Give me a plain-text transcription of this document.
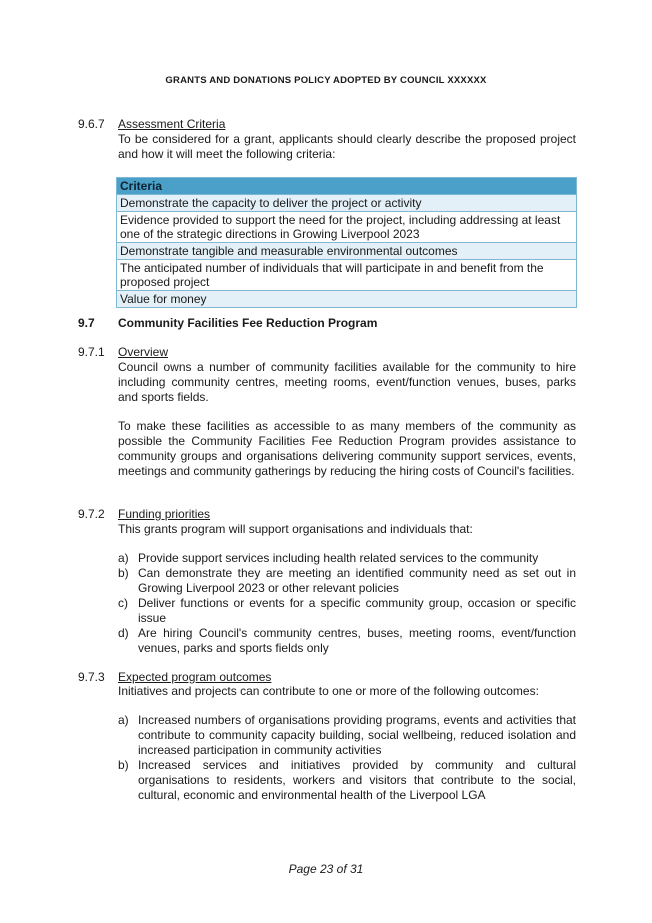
GRANTS AND DONATIONS POLICY ADOPTED BY COUNCIL XXXXXX
9.6.7 Assessment Criteria

To be considered for a grant, applicants should clearly describe the proposed project and how it will meet the following criteria:

Criteria
Demonstrate the capacity to deliver the project or activity
Evidence provided to support the need for the project, including addressing at least one of the strategic directions in Growing Liverpool 2023
Demonstrate tangible and measurable environmental outcomes
The anticipated number of individuals that will participate in and benefit from the proposed project
Value for money
9.7 Community Facilities Fee Reduction Program
9.7.1 Overview

Council owns a number of community facilities available for the community to hire including community centres, meeting rooms, event/function venues, buses, parks and sports fields.

To make these facilities as accessible to as many members of the community as possible the Community Facilities Fee Reduction Program provides assistance to community groups and organisations delivering community support services, events, meetings and community gatherings by reducing the hiring costs of Council's facilities.

9.7.2 Funding priorities

This grants program will support organisations and individuals that:

a) Provide support services including health related services to the community
b) Can demonstrate they are meeting an identified community need as set out in Growing Liverpool 2023 or other relevant policies
c) Deliver functions or events for a specific community group, occasion or specific issue
d) Are hiring Council's community centres, buses, meeting rooms, event/function venues, parks and sports fields only
9.7.3 Expected program outcomes

Initiatives and projects can contribute to one or more of the following outcomes:

a) Increased numbers of organisations providing programs, events and activities that contribute to community capacity building, social wellbeing, reduced isolation and increased participation in community activities
b) Increased services and initiatives provided by community and cultural organisations to residents, workers and visitors that contribute to the social, cultural, economic and environmental health of the Liverpool LGA
Page 23 of 31
